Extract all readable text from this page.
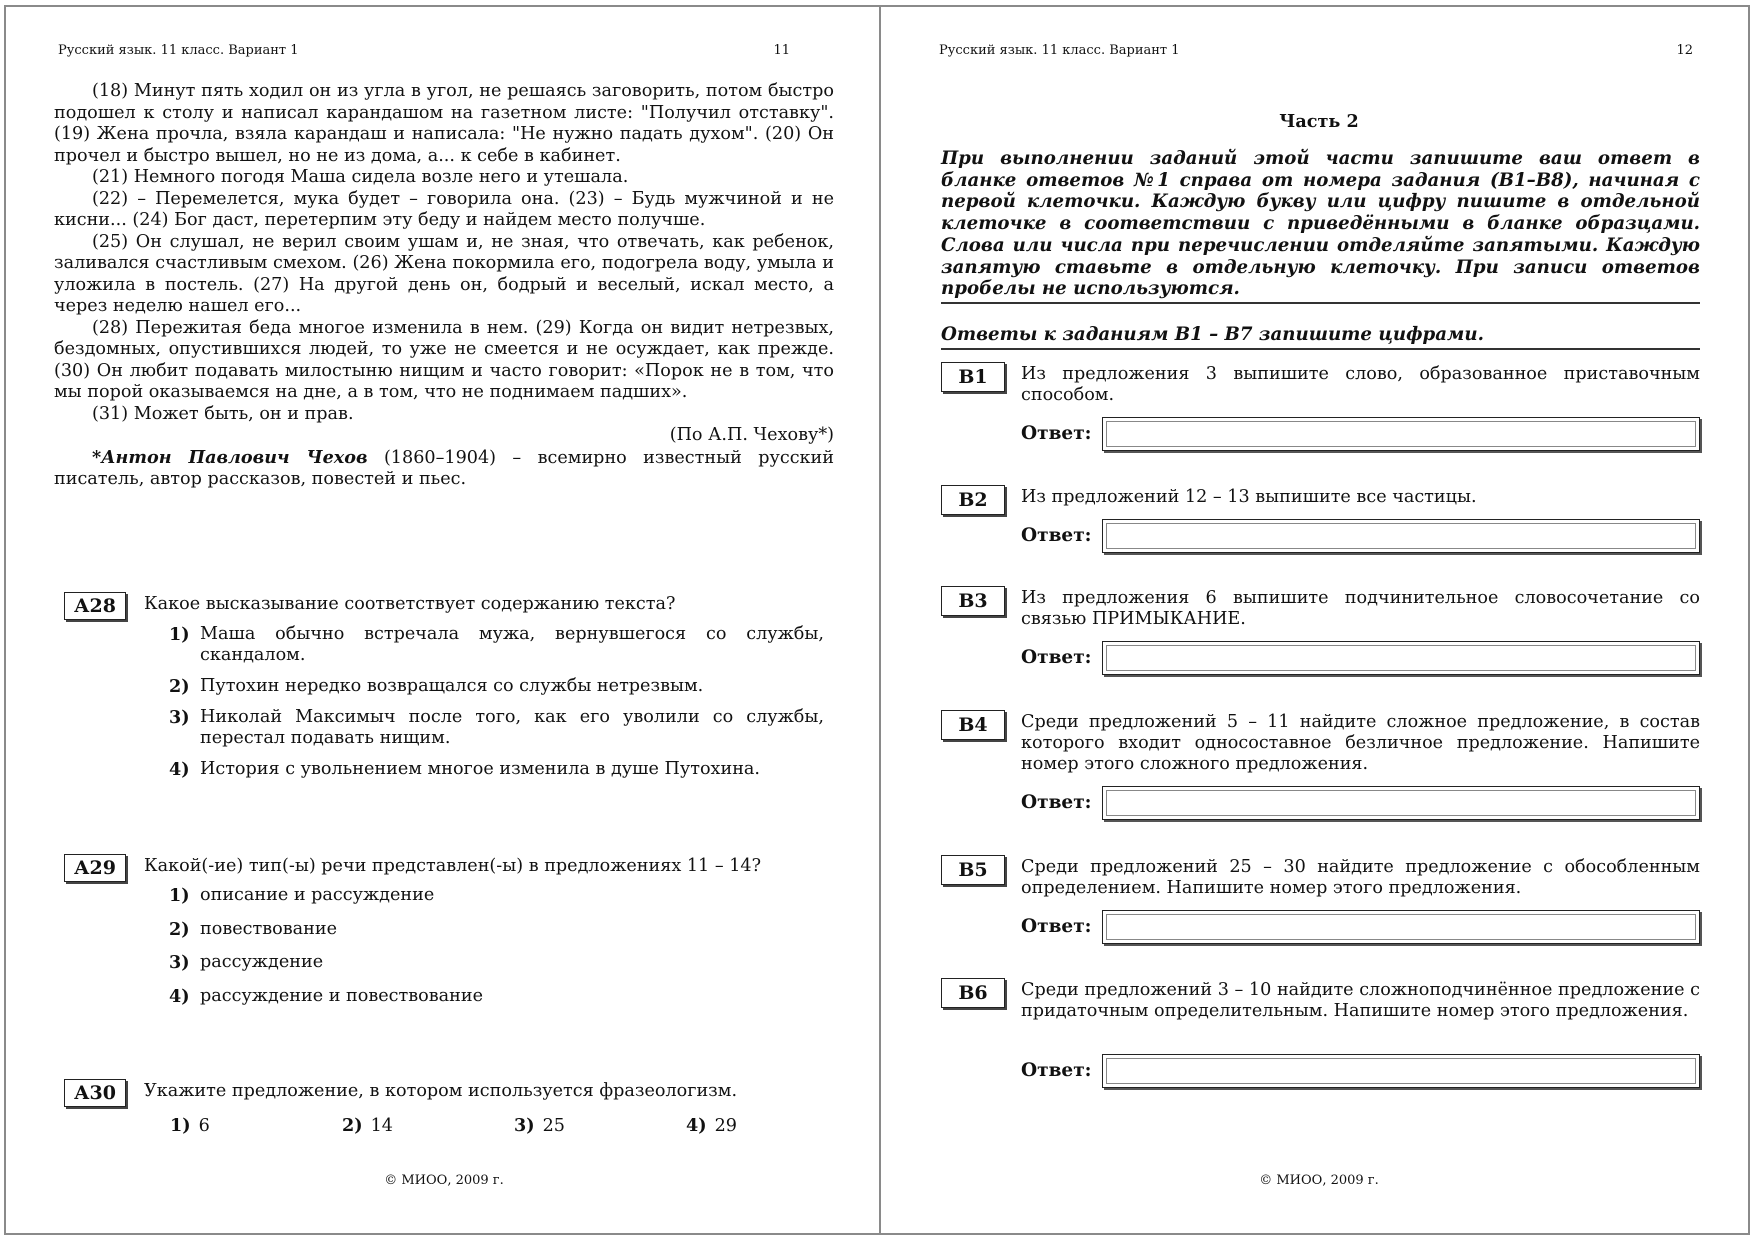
Русский язык. 11 класс. Вариант 1	11

(18) Минут пять ходил он из угла в угол, не решаясь заговорить, потом быстро подошел к столу и написал карандашом на газетном листе: "Получил отставку". (19) Жена прочла, взяла карандаш и написала: "Не нужно падать духом". (20) Он прочел и быстро вышел, но не из дома, а... к себе в кабинет.

(21) Немного погодя Маша сидела возле него и утешала.

(22) – Перемелется, мука будет – говорила она. (23) – Будь мужчиной и не кисни... (24) Бог даст, перетерпим эту беду и найдем место получше.

(25) Он слушал, не верил своим ушам и, не зная, что отвечать, как ребенок, заливался счастливым смехом. (26) Жена покормила его, подогрела воду, умыла и уложила в постель. (27) На другой день он, бодрый и веселый, искал место, а через неделю нашел его...

(28) Пережитая беда многое изменила в нем. (29) Когда он видит нетрезвых, бездомных, опустившихся людей, то уже не смеется и не осуждает, как прежде. (30) Он любит подавать милостыню нищим и часто говорит: «Порок не в том, что мы порой оказываемся на дне, а в том, что не поднимаем падших».

(31) Может быть, он и прав.

(По А.П. Чехову*)

*Антон Павлович Чехов (1860–1904) – всемирно известный русский писатель, автор рассказов, повестей и пьес.

А28	Какое высказывание соответствует содержанию текста?
1) Маша обычно встречала мужа, вернувшегося со службы, скандалом.
2) Путохин нередко возвращался со службы нетрезвым.
3) Николай Максимыч после того, как его уволили со службы, перестал подавать нищим.
4) История с увольнением многое изменила в душе Путохина.
А29	Какой(-ие) тип(-ы) речи представлен(-ы) в предложениях 11 – 14?
1) описание и рассуждение
2) повествование
3) рассуждение
4) рассуждение и повествование
А30	Укажите предложение, в котором используется фразеологизм.
1) 6	2) 14	3) 25	4) 29
© МИОО, 2009 г.
Русский язык. 11 класс. Вариант 1	12
Часть 2
При выполнении заданий этой части запишите ваш ответ в бланке ответов №1 справа от номера задания (В1–В8), начиная с первой клеточки. Каждую букву или цифру пишите в отдельной клеточке в соответствии с приведёнными в бланке образцами. Слова или числа при перечислении отделяйте запятыми. Каждую запятую ставьте в отдельную клеточку. При записи ответов пробелы не используются.
Ответы к заданиям В1 – В7 запишите цифрами.
В1	Из предложения 3 выпишите слово, образованное приставочным способом.
Ответ:
В2	Из предложений 12 – 13 выпишите все частицы.
Ответ:
В3	Из предложения 6 выпишите подчинительное словосочетание со связью ПРИМЫКАНИЕ.
Ответ:
В4	Среди предложений 5 – 11 найдите сложное предложение, в состав которого входит односоставное безличное предложение. Напишите номер этого сложного предложения.
Ответ:
В5	Среди предложений 25 – 30 найдите предложение с обособленным определением. Напишите номер этого предложения.
Ответ:
В6	Среди предложений 3 – 10 найдите сложноподчинённое предложение с придаточным определительным. Напишите номер этого предложения.
Ответ:
© МИОО, 2009 г.
